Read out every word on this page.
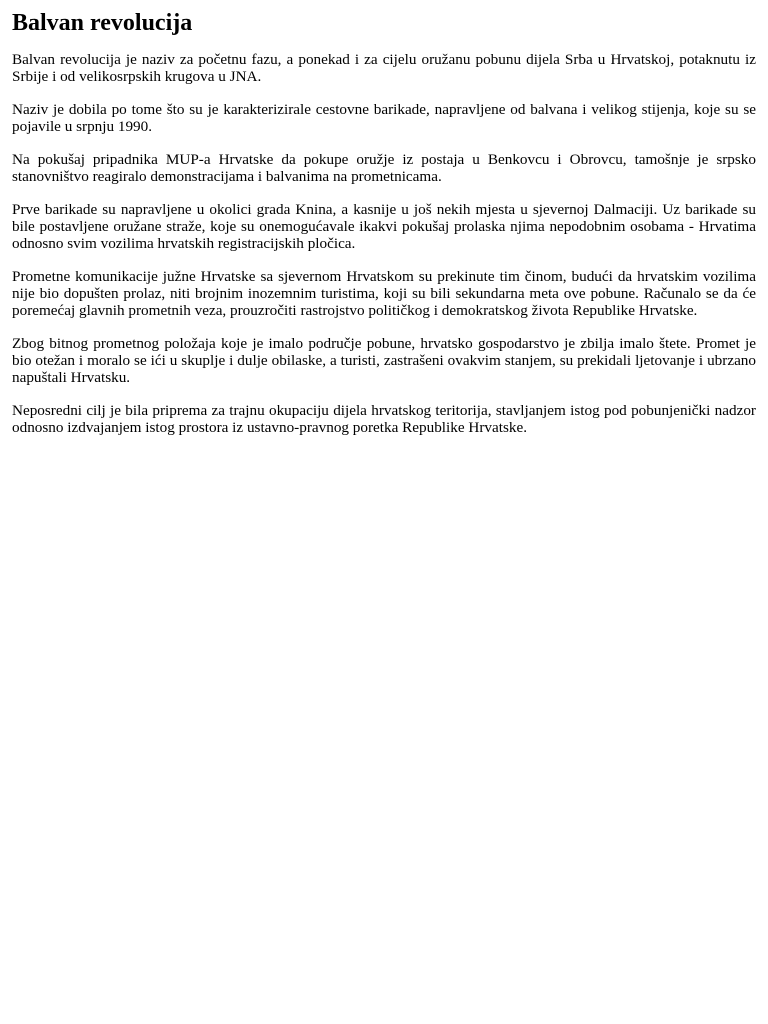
Balvan revolucija

Balvan revolucija je naziv za početnu fazu, a ponekad i za cijelu oružanu pobunu dijela Srba u Hrvatskoj, potaknutu iz Srbije i od velikosrpskih krugova u JNA.

Naziv je dobila po tome što su je karakterizirale cestovne barikade, napravljene od balvana i velikog stijenja, koje su se pojavile u srpnju 1990.

Na pokušaj pripadnika MUP-a Hrvatske da pokupe oružje iz postaja u Benkovcu i Obrovcu, tamošnje je srpsko stanovništvo reagiralo demonstracijama i balvanima na prometnicama.

Prve barikade su napravljene u okolici grada Knina, a kasnije u još nekih mjesta u sjevernoj Dalmaciji. Uz barikade su bile postavljene oružane straže, koje su onemogućavale ikakvi pokušaj prolaska njima nepodobnim osobama - Hrvatima odnosno svim vozilima hrvatskih registracijskih pločica.

Prometne komunikacije južne Hrvatske sa sjevernom Hrvatskom su prekinute tim činom, budući da hrvatskim vozilima nije bio dopušten prolaz, niti brojnim inozemnim turistima, koji su bili sekundarna meta ove pobune. Računalo se da će poremećaj glavnih prometnih veza, prouzročiti rastrojstvo političkog i demokratskog života Republike Hrvatske.

Zbog bitnog prometnog položaja koje je imalo područje pobune, hrvatsko gospodarstvo je zbilja imalo štete. Promet je bio otežan i moralo se ići u skuplje i dulje obilaske, a turisti, zastrašeni ovakvim stanjem, su prekidali ljetovanje i ubrzano napuštali Hrvatsku.

Neposredni cilj je bila priprema za trajnu okupaciju dijela hrvatskog teritorija, stavljanjem istog pod pobunjenički nadzor odnosno izdvajanjem istog prostora iz ustavno-pravnog poretka Republike Hrvatske.
